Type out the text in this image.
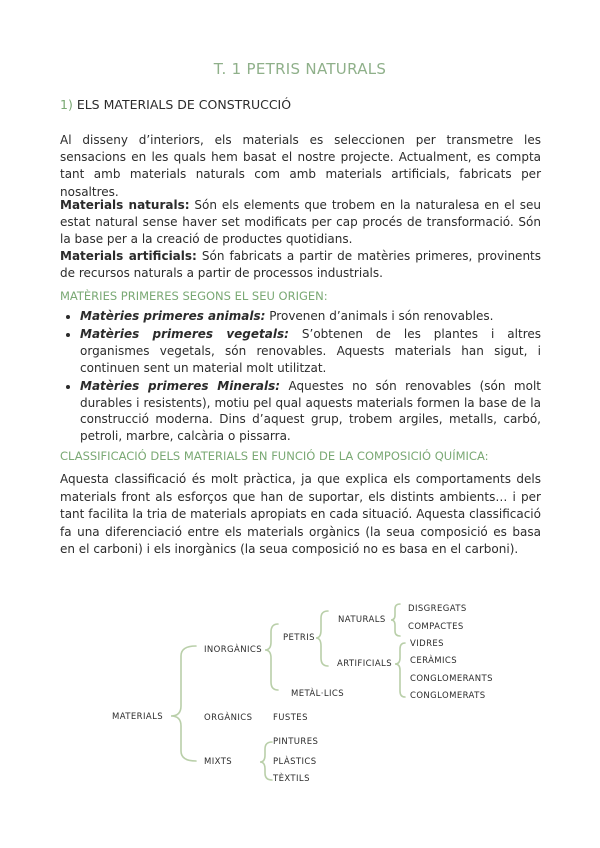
T. 1 PETRIS NATURALS
1) ELS MATERIALS DE CONSTRUCCIÓ
Al disseny d’interiors, els materials es seleccionen per transmetre les sensacions en les quals hem basat el nostre projecte. Actualment, es compta tant amb materials naturals com amb materials artificials, fabricats per nosaltres.
Materials naturals: Són els elements que trobem en la naturalesa en el seu estat natural sense haver set modificats per cap procés de transformació. Són la base per a la creació de productes quotidians.
Materials artificials: Són fabricats a partir de matèries primeres, provinents de recursos naturals a partir de processos industrials.
MATÈRIES PRIMERES SEGONS EL SEU ORIGEN:
• Matèries primeres animals: Provenen d’animals i són renovables.
• Matèries primeres vegetals: S’obtenen de les plantes i altres organismes vegetals, són renovables. Aquests materials han sigut, i continuen sent un material molt utilitzat.
• Matèries primeres Minerals: Aquestes no són renovables (són molt durables i resistents), motiu pel qual aquests materials formen la base de la construcció moderna. Dins d’aquest grup, trobem argiles, metalls, carbó, petroli, marbre, calcària o pissarra.
CLASSIFICACIÓ DELS MATERIALS EN FUNCIÓ DE LA COMPOSICIÓ QUÍMICA:
Aquesta classificació és molt pràctica, ja que explica els comportaments dels materials front als esforços que han de suportar, els distints ambients… i per tant facilita la tria de materials apropiats en cada situació. Aquesta classificació fa una diferenciació entre els materials orgànics (la seua composició es basa en el carboni) i els inorgànics (la seua composició no es basa en el carboni).
MATERIALS
INORGÀNICS
ORGÀNICS
MIXTS
PETRIS
METÀL·LICS
NATURALS
ARTIFICIALS
DISGREGATS
COMPACTES
VIDRES
CERÀMICS
CONGLOMERANTS
CONGLOMERATS
FUSTES
PINTURES
PLÀSTICS
TÈXTILS
